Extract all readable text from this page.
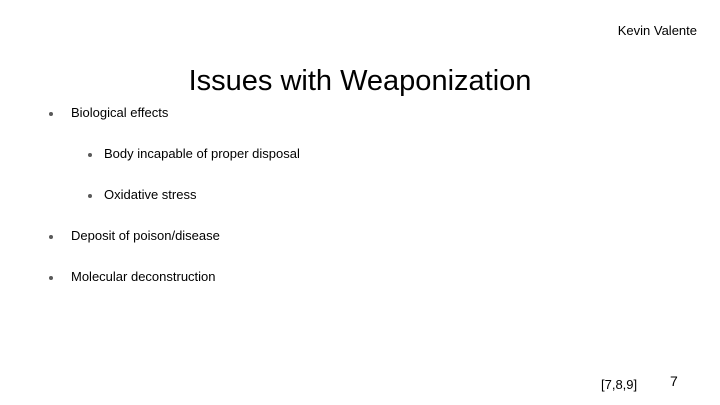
Kevin Valente
Issues with Weaponization
Biological effects
Body incapable of proper disposal
Oxidative stress
Deposit of poison/disease
Molecular deconstruction
[7,8,9] 7
